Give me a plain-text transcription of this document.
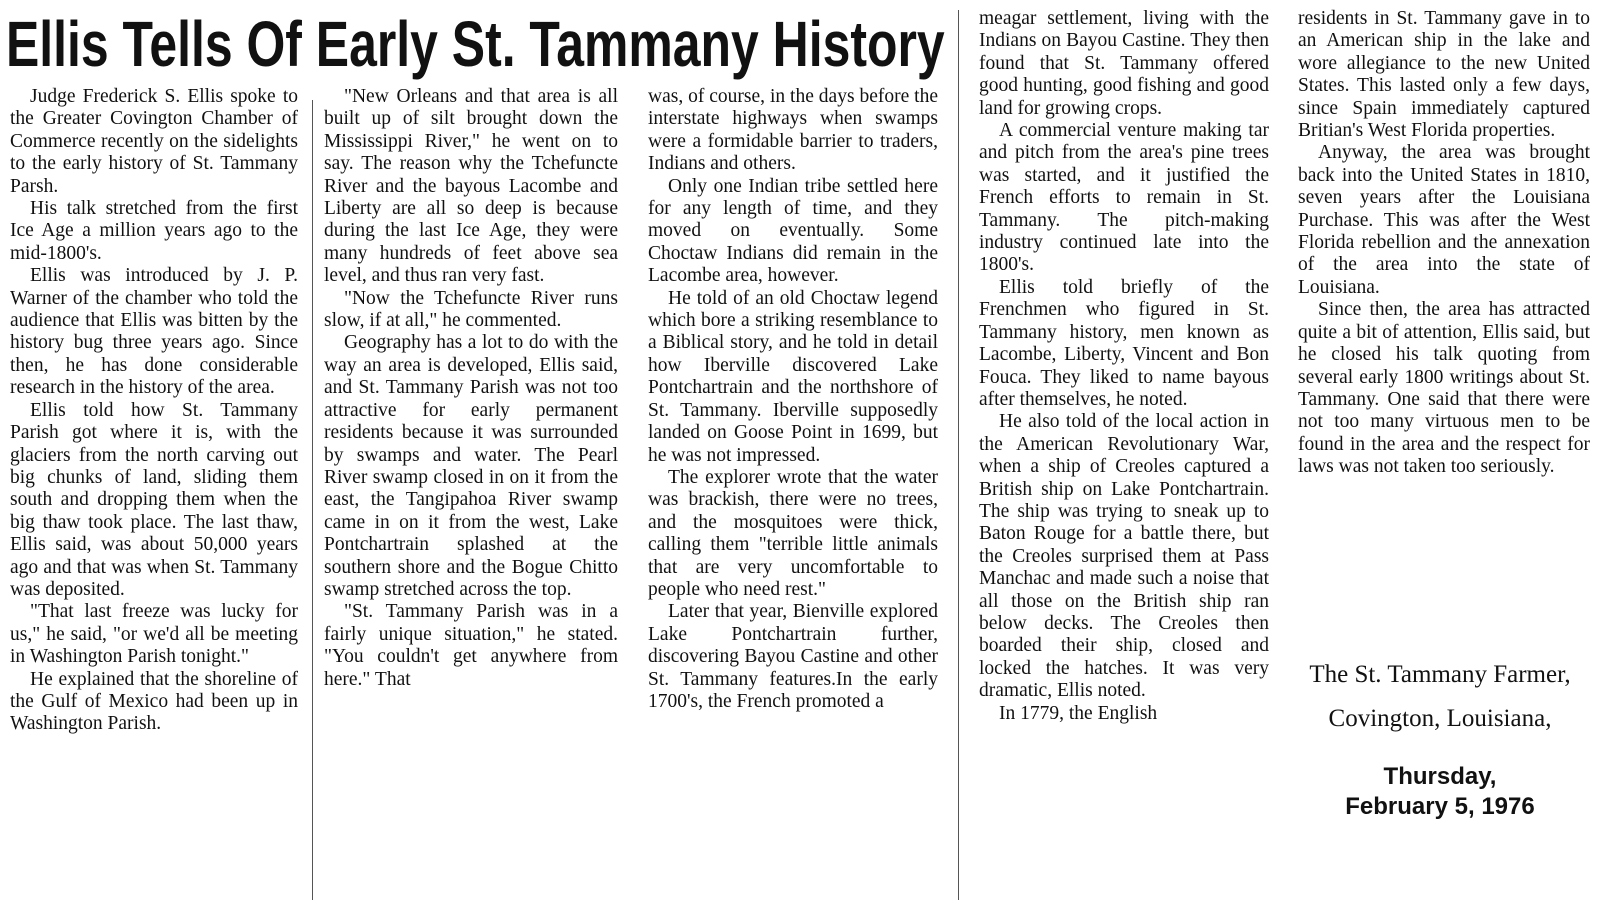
Ellis Tells Of Early St. Tammany History

Judge Frederick S. Ellis spoke to the Greater Covington Chamber of Commerce recently on the sidelights to the early history of St. Tammany Parsh.

His talk stretched from the first Ice Age a million years ago to the mid-1800's.

Ellis was introduced by J. P. Warner of the chamber who told the audience that Ellis was bitten by the history bug three years ago. Since then, he has done considerable research in the history of the area.

Ellis told how St. Tammany Parish got where it is, with the glaciers from the north carving out big chunks of land, sliding them south and dropping them when the big thaw took place. The last thaw, Ellis said, was about 50,000 years ago and that was when St. Tammany was deposited.

"That last freeze was lucky for us," he said, "or we'd all be meeting in Washington Parish tonight."

He explained that the shoreline of the Gulf of Mexico had been up in Washington Parish.

"New Orleans and that area is all built up of silt brought down the Mississippi River," he went on to say. The reason why the Tchefuncte River and the bayous Lacombe and Liberty are all so deep is because during the last Ice Age, they were many hundreds of feet above sea level, and thus ran very fast.

"Now the Tchefuncte River runs slow, if at all," he commented.

Geography has a lot to do with the way an area is developed, Ellis said, and St. Tammany Parish was not too attractive for early permanent residents because it was surrounded by swamps and water. The Pearl River swamp closed in on it from the east, the Tangipahoa River swamp came in on it from the west, Lake Pontchartrain splashed at the southern shore and the Bogue Chitto swamp stretched across the top.

"St. Tammany Parish was in a fairly unique situation," he stated. "You couldn't get anywhere from here." That

was, of course, in the days before the interstate highways when swamps were a formidable barrier to traders, Indians and others.

Only one Indian tribe settled here for any length of time, and they moved on eventually. Some Choctaw Indians did remain in the Lacombe area, however.

He told of an old Choctaw legend which bore a striking resemblance to a Biblical story, and he told in detail how Iberville discovered Lake Pontchartrain and the northshore of St. Tammany. Iberville supposedly landed on Goose Point in 1699, but he was not impressed.

The explorer wrote that the water was brackish, there were no trees, and the mosquitoes were thick, calling them "terrible little animals that are very uncomfortable to people who need rest."

Later that year, Bienville explored Lake Pontchartrain further, discovering Bayou Castine and other St. Tammany features.In the early 1700's, the French promoted a

meagar settlement, living with the Indians on Bayou Castine. They then found that St. Tammany offered good hunting, good fishing and good land for growing crops.

A commercial venture making tar and pitch from the area's pine trees was started, and it justified the French efforts to remain in St. Tammany. The pitch-making industry continued late into the 1800's.

Ellis told briefly of the Frenchmen who figured in St. Tammany history, men known as Lacombe, Liberty, Vincent and Bon Fouca. They liked to name bayous after themselves, he noted.

He also told of the local action in the American Revolutionary War, when a ship of Creoles captured a British ship on Lake Pontchartrain. The ship was trying to sneak up to Baton Rouge for a battle there, but the Creoles surprised them at Pass Manchac and made such a noise that all those on the British ship ran below decks. The Creoles then boarded their ship, closed and locked the hatches. It was very dramatic, Ellis noted.

In 1779, the English

residents in St. Tammany gave in to an American ship in the lake and wore allegiance to the new United States. This lasted only a few days, since Spain immediately captured Britian's West Florida properties.

Anyway, the area was brought back into the United States in 1810, seven years after the Louisiana Purchase. This was after the West Florida rebellion and the annexation of the area into the state of Louisiana.

Since then, the area has attracted quite a bit of attention, Ellis said, but he closed his talk quoting from several early 1800 writings about St. Tammany. One said that there were not too many virtuous men to be found in the area and the respect for laws was not taken too seriously.

The St. Tammany Farmer,
Covington, Louisiana,
Thursday,
February 5, 1976
